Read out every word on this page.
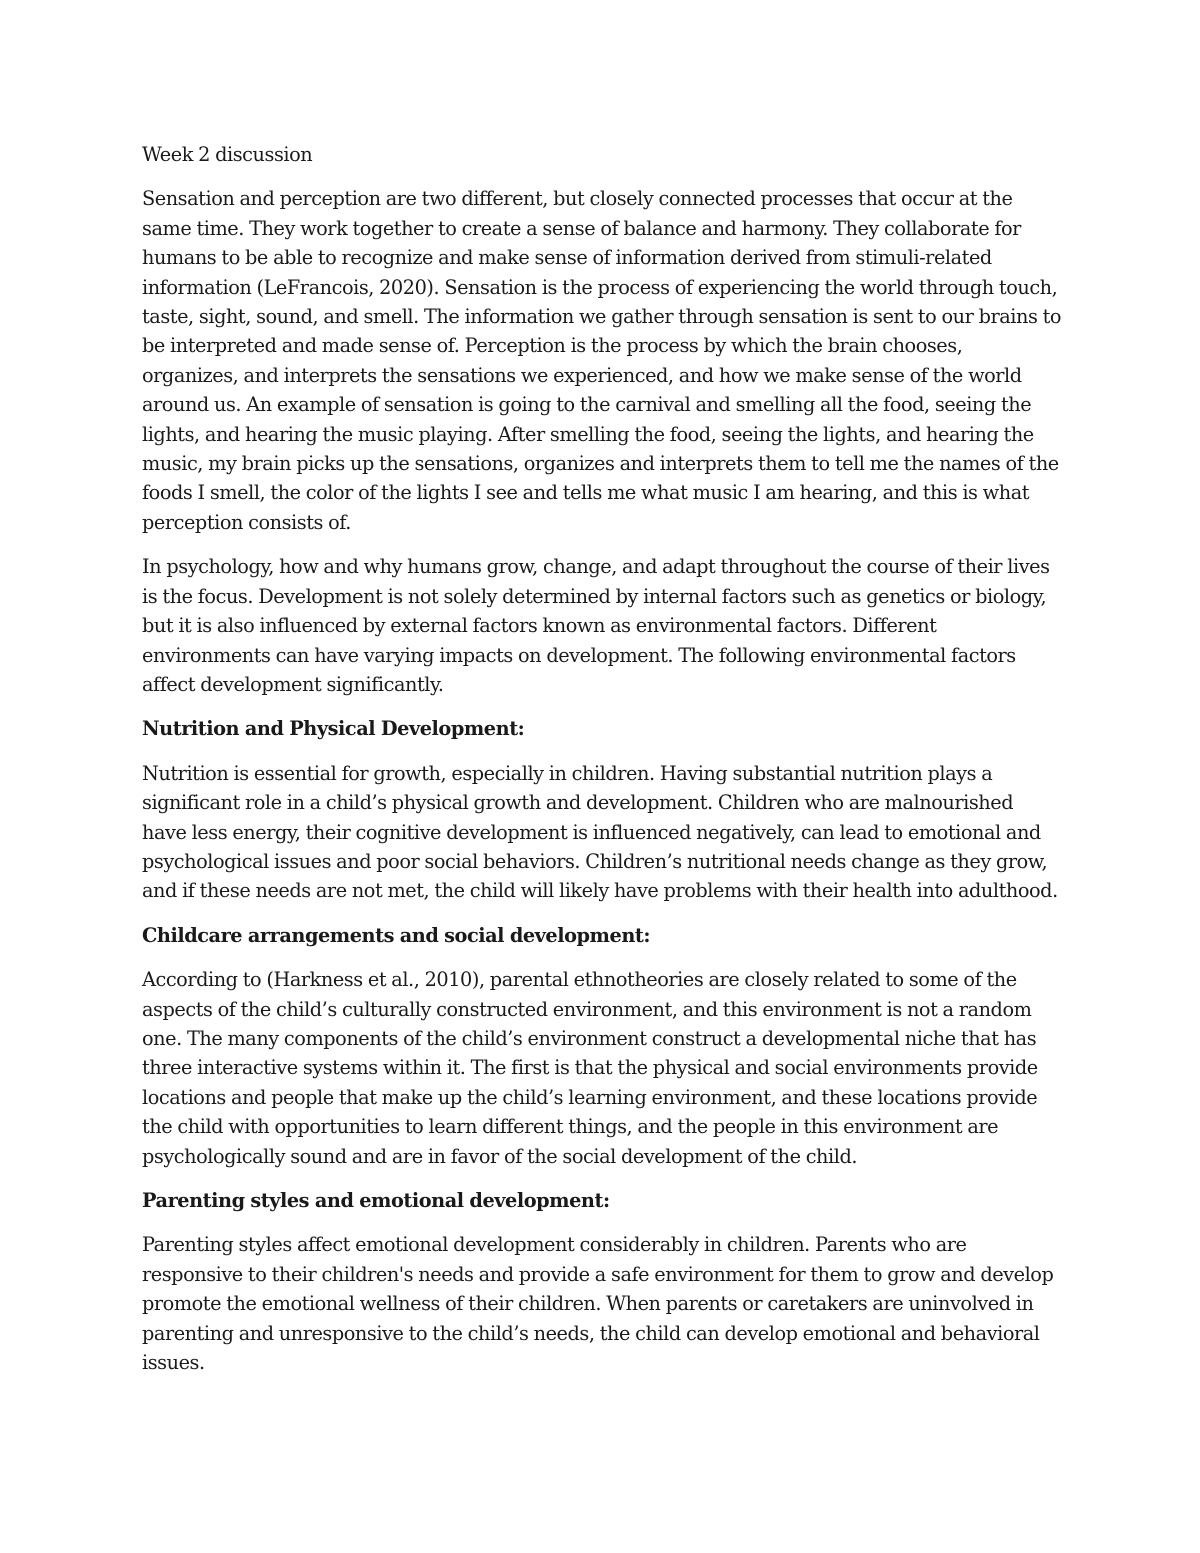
Week 2 discussion
Sensation and perception are two different, but closely connected processes that occur at the same time. They work together to create a sense of balance and harmony. They collaborate for humans to be able to recognize and make sense of information derived from stimuli-related information (LeFrancois, 2020). Sensation is the process of experiencing the world through touch, taste, sight, sound, and smell. The information we gather through sensation is sent to our brains to be interpreted and made sense of. Perception is the process by which the brain chooses, organizes, and interprets the sensations we experienced, and how we make sense of the world around us. An example of sensation is going to the carnival and smelling all the food, seeing the lights, and hearing the music playing. After smelling the food, seeing the lights, and hearing the music, my brain picks up the sensations, organizes and interprets them to tell me the names of the foods I smell, the color of the lights I see and tells me what music I am hearing, and this is what perception consists of.
In psychology, how and why humans grow, change, and adapt throughout the course of their lives is the focus. Development is not solely determined by internal factors such as genetics or biology, but it is also influenced by external factors known as environmental factors. Different environments can have varying impacts on development. The following environmental factors affect development significantly.
Nutrition and Physical Development:
Nutrition is essential for growth, especially in children. Having substantial nutrition plays a significant role in a child’s physical growth and development. Children who are malnourished have less energy, their cognitive development is influenced negatively, can lead to emotional and psychological issues and poor social behaviors. Children’s nutritional needs change as they grow, and if these needs are not met, the child will likely have problems with their health into adulthood.
Childcare arrangements and social development:
According to (Harkness et al., 2010), parental ethnotheories are closely related to some of the aspects of the child’s culturally constructed environment, and this environment is not a random one. The many components of the child’s environment construct a developmental niche that has three interactive systems within it. The first is that the physical and social environments provide locations and people that make up the child’s learning environment, and these locations provide the child with opportunities to learn different things, and the people in this environment are psychologically sound and are in favor of the social development of the child.
Parenting styles and emotional development:
Parenting styles affect emotional development considerably in children. Parents who are responsive to their children's needs and provide a safe environment for them to grow and develop promote the emotional wellness of their children. When parents or caretakers are uninvolved in parenting and unresponsive to the child’s needs, the child can develop emotional and behavioral issues.
